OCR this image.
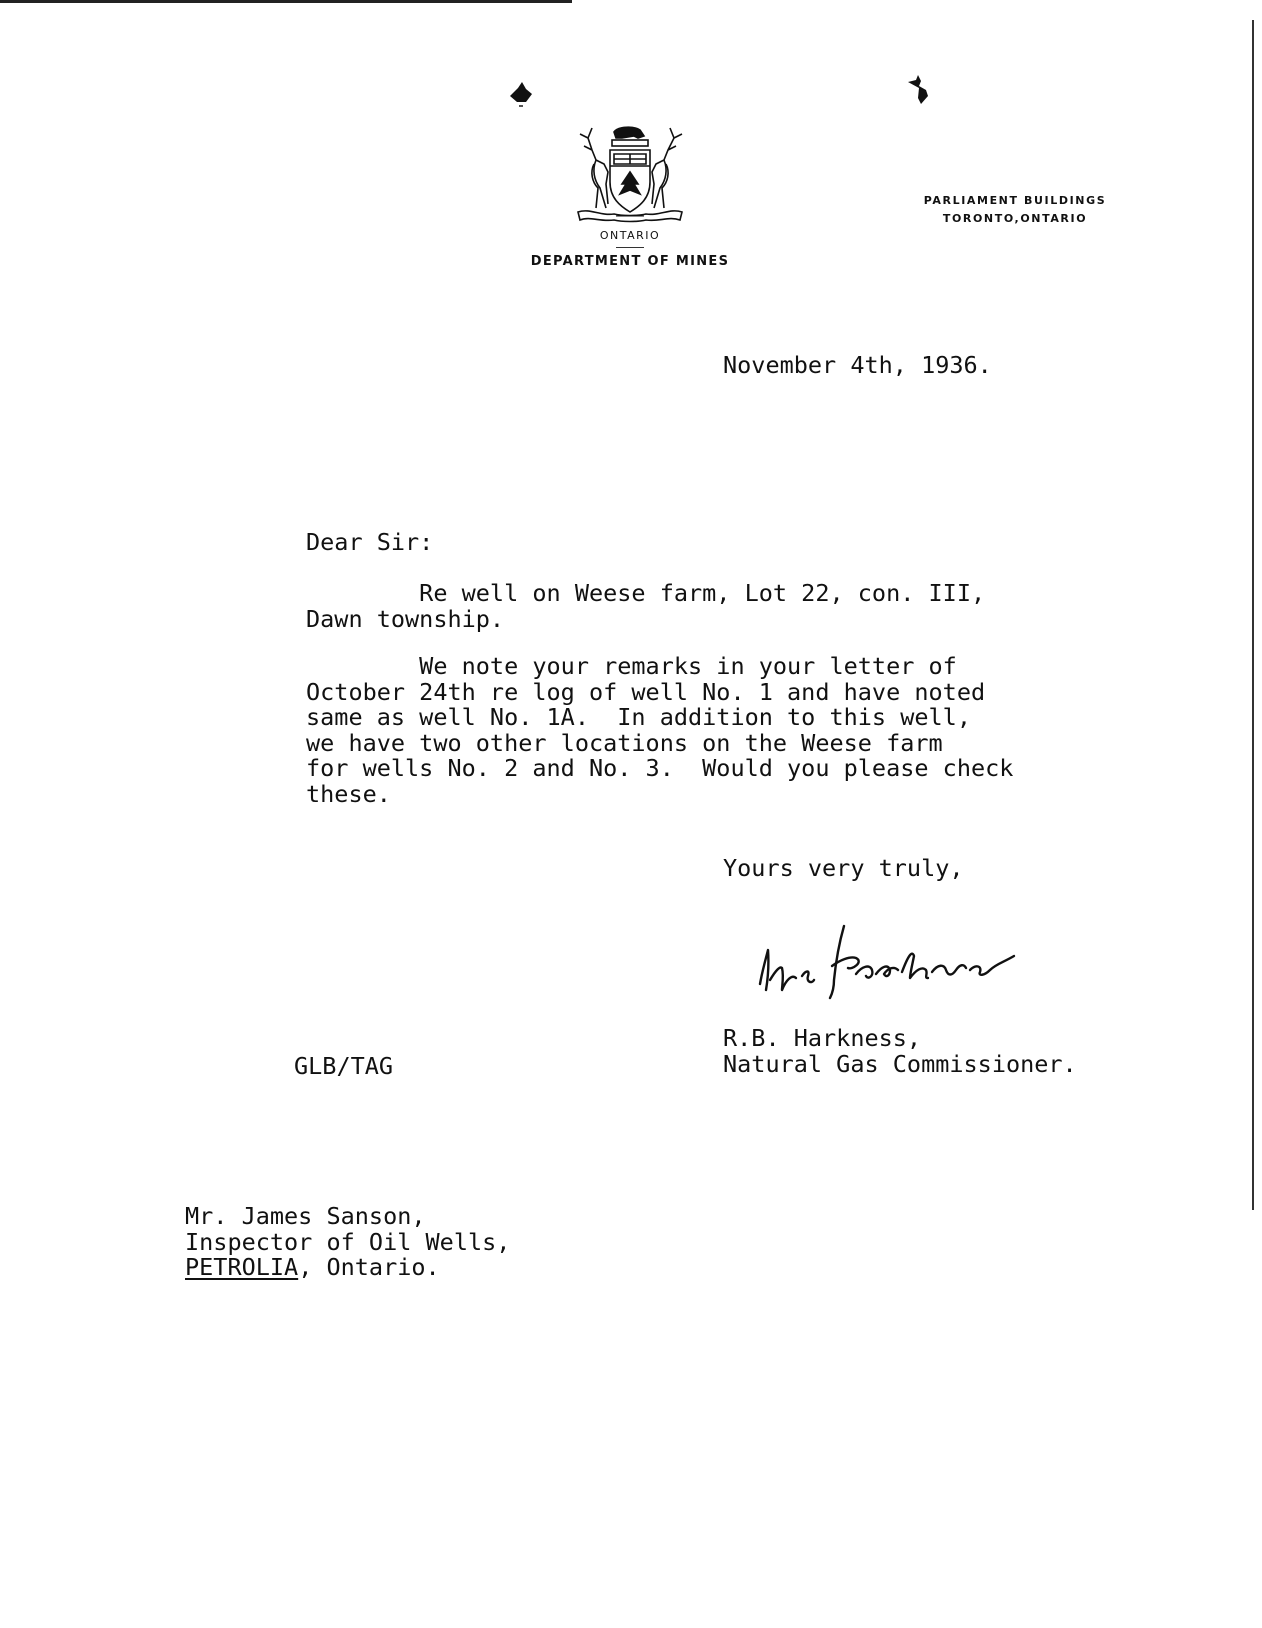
ONTARIO
DEPARTMENT OF MINES
PARLIAMENT BUILDINGS
TORONTO,ONTARIO
November 4th, 1936.
Dear Sir:
Re well on Weese farm, Lot 22, con. III,
Dawn township.
We note your remarks in your letter of
October 24th re log of well No. 1 and have noted
same as well No. 1A.  In addition to this well,
we have two other locations on the Weese farm
for wells No. 2 and No. 3.  Would you please check
these.
Yours very truly,
R.B. Harkness,
Natural Gas Commissioner.
GLB/TAG
Mr. James Sanson,
Inspector of Oil Wells,
PETROLIA, Ontario.
